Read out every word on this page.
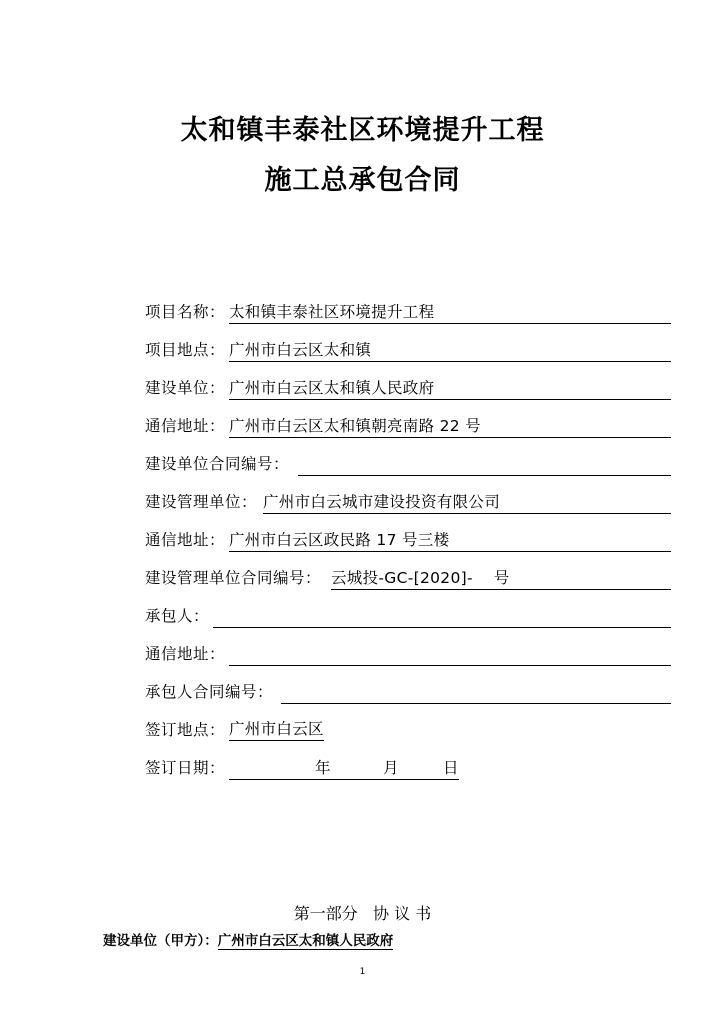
太和镇丰泰社区环境提升工程
施工总承包合同
项目名称： 太和镇丰泰社区环境提升工程
项目地点： 广州市白云区太和镇
建设单位： 广州市白云区太和镇人民政府
通信地址： 广州市白云区太和镇朝亮南路 22 号
建设单位合同编号：
建设管理单位： 广州市白云城市建设投资有限公司
通信地址： 广州市白云区政民路 17 号三楼
建设管理单位合同编号： 云城投-GC-[2020]-    号
承包人：
通信地址：
承包人合同编号：
签订地点： 广州市白云区
签订日期：	年	月	日
第一部分   协 议 书
建设单位（甲方）：广州市白云区太和镇人民政府
1
